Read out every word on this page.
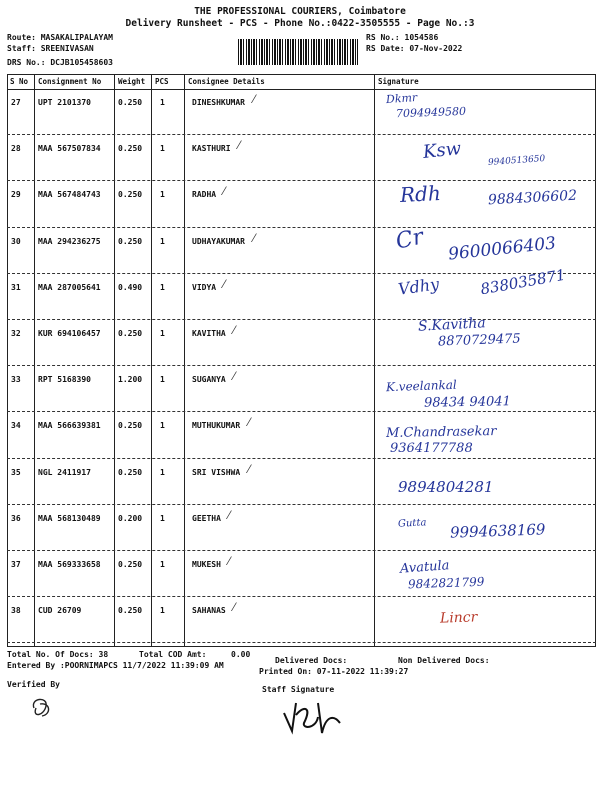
THE PROFESSIONAL COURIERS, Coimbatore
Delivery Runsheet - PCS - Phone No.:0422-3505555 - Page No.:3
Route: MASAKALIPALAYAM
Staff: SREENIVASAN
DRS No.: DCJB105458603
RS No.: 1054586
RS Date: 07-Nov-2022
S No Consignment No Weight PCS	Consignee Details	Signature
27 UPT 2101370	0.250 1	DINESHKUMAR ⁄	Dkmr
7094949580
28 MAA 567507834 0.250 1	KASTHURI ⁄	Ksw	9940513650
29 MAA 567484743 0.250 1	RADHA ⁄	Rdh	9884306602
30 MAA 294236275 0.250 1	UDHAYAKUMAR ⁄	Cr 9600066403
31 MAA 287005641 0.490 1	VIDYA ⁄	Vdhy	838035871
32 KUR 694106457 0.250 1	KAVITHA ⁄	S.Kavitha
8870729475
33 RPT 5168390	1.200 1	SUGANYA ⁄
K.veelankal
98434 94041
34 MAA 566639381 0.250 1	MUTHUKUMAR ⁄
M.Chandrasekar
9364177788
35 NGL 2411917	0.250 1	SRI VISHWA ⁄
9894804281
36 MAA 568130489 0.200 1	GEETHA ⁄
Gutta 9994638169
37 MAA 569333658 0.250 1	MUKESH ⁄	Avatula
9842821799
38 CUD 26709	0.250 1	SAHANAS ⁄
Lincr
Total No. Of Docs: 38	Total COD Amt:	0.00
Delivered Docs:	Non Delivered Docs:
Entered By :POORNIMAPCS 11/7/2022 11:39:09 AM
Printed On: 07-11-2022 11:39:27
Verified By
Staff Signature
